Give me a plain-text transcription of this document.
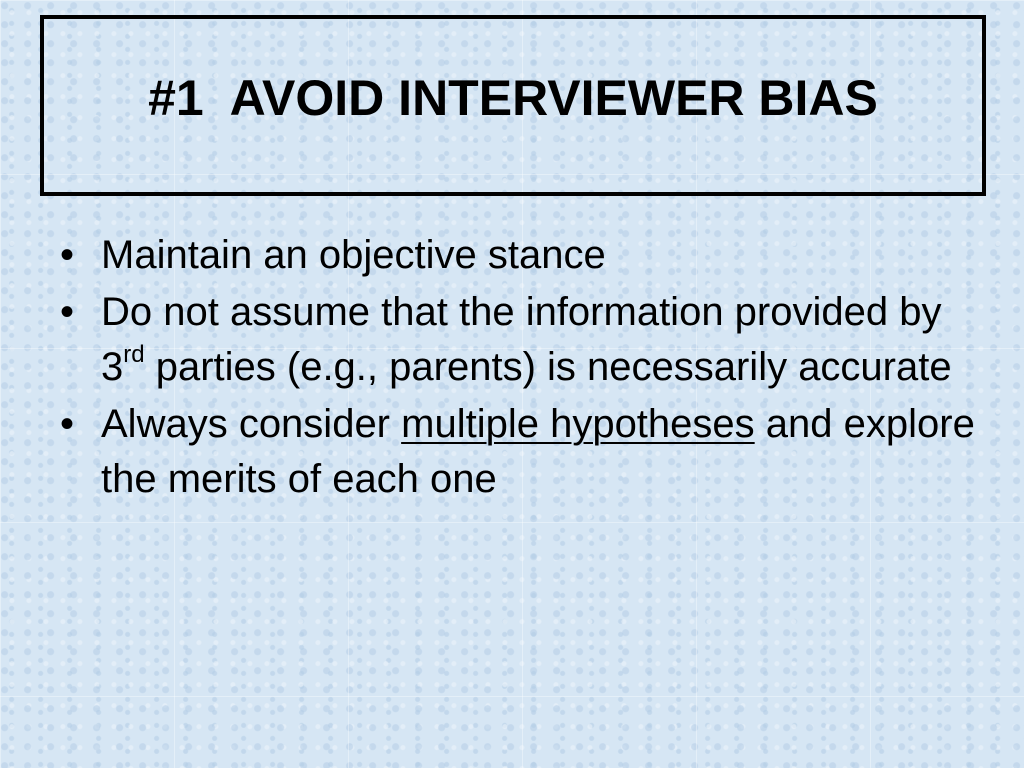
#1  AVOID INTERVIEWER BIAS
• Maintain an objective stance
• Do not assume that the information provided by 3rd parties (e.g., parents) is necessarily accurate
• Always consider multiple hypotheses and explore the merits of each one
